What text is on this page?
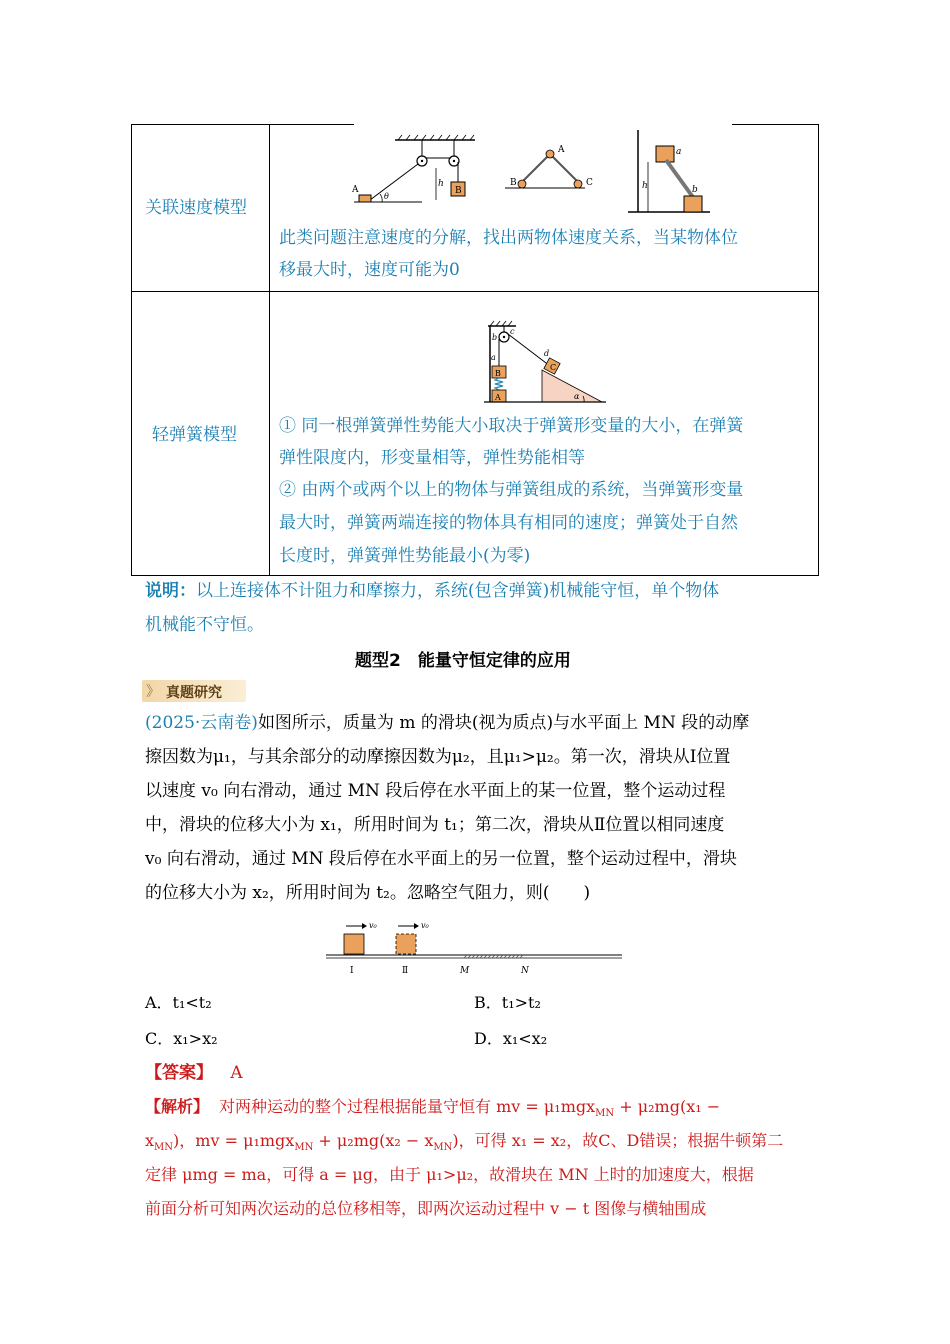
关联速度模型
A
θ
h
B
A
B	C
a
h	b
此类问题注意速度的分解，找出两物体速度关系，当某物体位
移最大时，速度可能为0
轻弹簧模型
b
c
a
B
A
d
C
α
① 同一根弹簧弹性势能大小取决于弹簧形变量的大小，在弹簧
弹性限度内，形变量相等，弹性势能相等
② 由两个或两个以上的物体与弹簧组成的系统，当弹簧形变量
最大时，弹簧两端连接的物体具有相同的速度；弹簧处于自然
长度时，弹簧弹性势能最小(为零)
说明：以上连接体不计阻力和摩擦力，系统(包含弹簧)机械能守恒，单个物体
机械能不守恒。
题型2　能量守恒定律的应用
》 真题研究
(2025·云南卷)如图所示，质量为 m 的滑块(视为质点)与水平面上 MN 段的动摩
擦因数为μ₁，与其余部分的动摩擦因数为μ₂，且μ₁>μ₂。第一次，滑块从Ⅰ位置
以速度 v₀ 向右滑动，通过 MN 段后停在水平面上的某一位置，整个运动过程
中，滑块的位移大小为 x₁，所用时间为 t₁；第二次，滑块从Ⅱ位置以相同速度
v₀ 向右滑动，通过 MN 段后停在水平面上的另一位置，整个运动过程中，滑块
的位移大小为 x₂，所用时间为 t₂。忽略空气阻力，则(　　)
v₀	v₀
Ⅰ	Ⅱ	M	N
A．t₁<t₂	B．t₁>t₂
C．x₁>x₂	D．x₁<x₂
【答案】 A
【解析】 对两种运动的整个过程根据能量守恒有 mv = μ₁mgx$_{MN}$ + μ₂mg(x₁ −
$x_{MN}$)，mv = $\mu_1mgx_{MN} + \mu_2mg(x_2 - x_{MN})$，可得 x₁ = x₂，故C、D错误；根据牛顿第二
定律 μmg = ma，可得 a = μg，由于 μ₁>μ₂，故滑块在 MN 上时的加速度大，根据
前面分析可知两次运动的总位移相等，即两次运动过程中 v − t 图像与横轴围成
